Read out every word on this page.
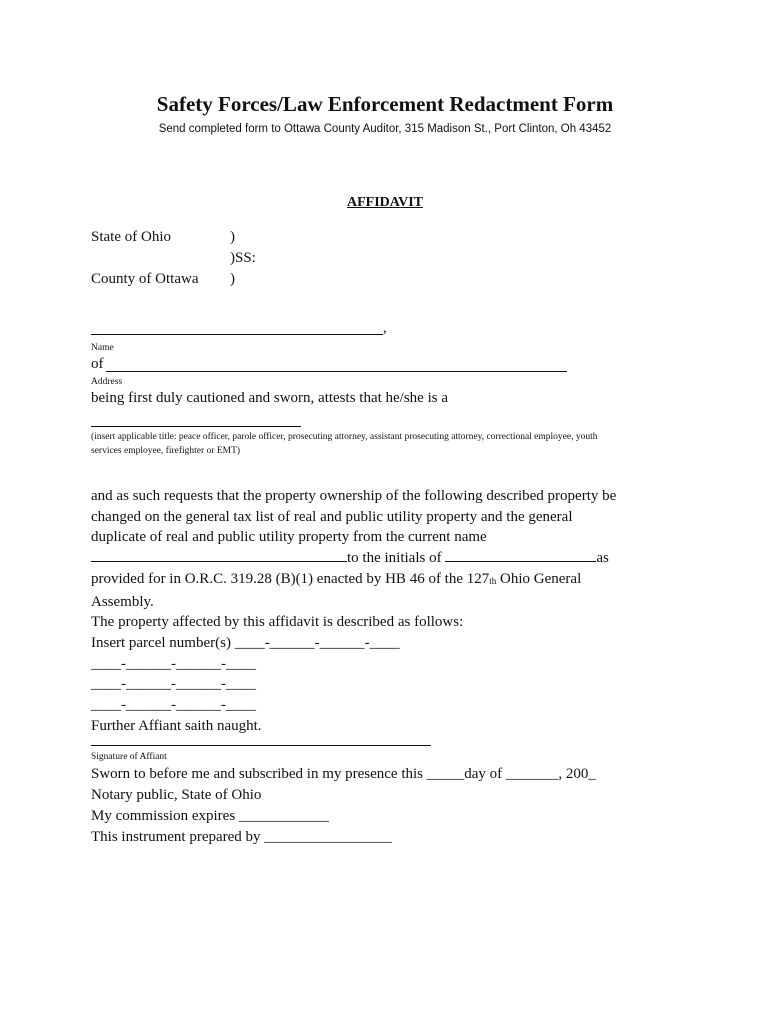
Safety Forces/Law Enforcement Redactment Form
Send completed form to Ottawa County Auditor, 315 Madison St., Port Clinton, Oh 43452
AFFIDAVIT
State of Ohio	)
)SS:
County of Ottawa )
,
Name
of
Address
being first duly cautioned and sworn, attests that he/she is a
(insert applicable title: peace officer, parole officer, prosecuting attorney, assistant prosecuting attorney, correctional employee, youth
services employee, firefighter or EMT)
and as such requests that the property ownership of the following described property be
changed on the general tax list of real and public utility property and the general
duplicate of real and public utility property from the current name
to the initials of	as
provided for in O.R.C. 319.28 (B)(1) enacted by HB 46 of the 127th Ohio General
Assembly.
The property affected by this affidavit is described as follows:
Insert parcel number(s) ____-______-______-____
____-______-______-____
____-______-______-____
____-______-______-____
Further Affiant saith naught.
Signature of Affiant
Sworn to before me and subscribed in my presence this _____day of _______, 200_
Notary public, State of Ohio
My commission expires ____________
This instrument prepared by _________________
